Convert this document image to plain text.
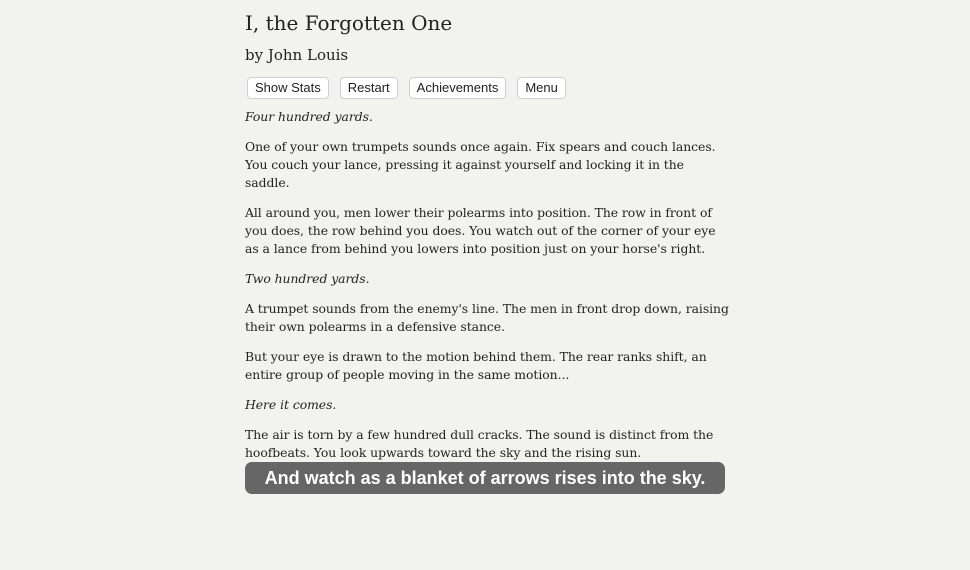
I, the Forgotten One
by John Louis
Show Stats	Restart	Achievements	Menu

Four hundred yards.

One of your own trumpets sounds once again. Fix spears and couch lances. You couch your lance, pressing it against yourself and locking it in the saddle.

All around you, men lower their polearms into position. The row in front of you does, the row behind you does. You watch out of the corner of your eye as a lance from behind you lowers into position just on your horse's right.

Two hundred yards.

A trumpet sounds from the enemy's line. The men in front drop down, raising their own polearms in a defensive stance.

But your eye is drawn to the motion behind them. The rear ranks shift, an entire group of people moving in the same motion...

Here it comes.

The air is torn by a few hundred dull cracks. The sound is distinct from the hoofbeats. You look upwards toward the sky and the rising sun.

And watch as a blanket of arrows rises into the sky.
